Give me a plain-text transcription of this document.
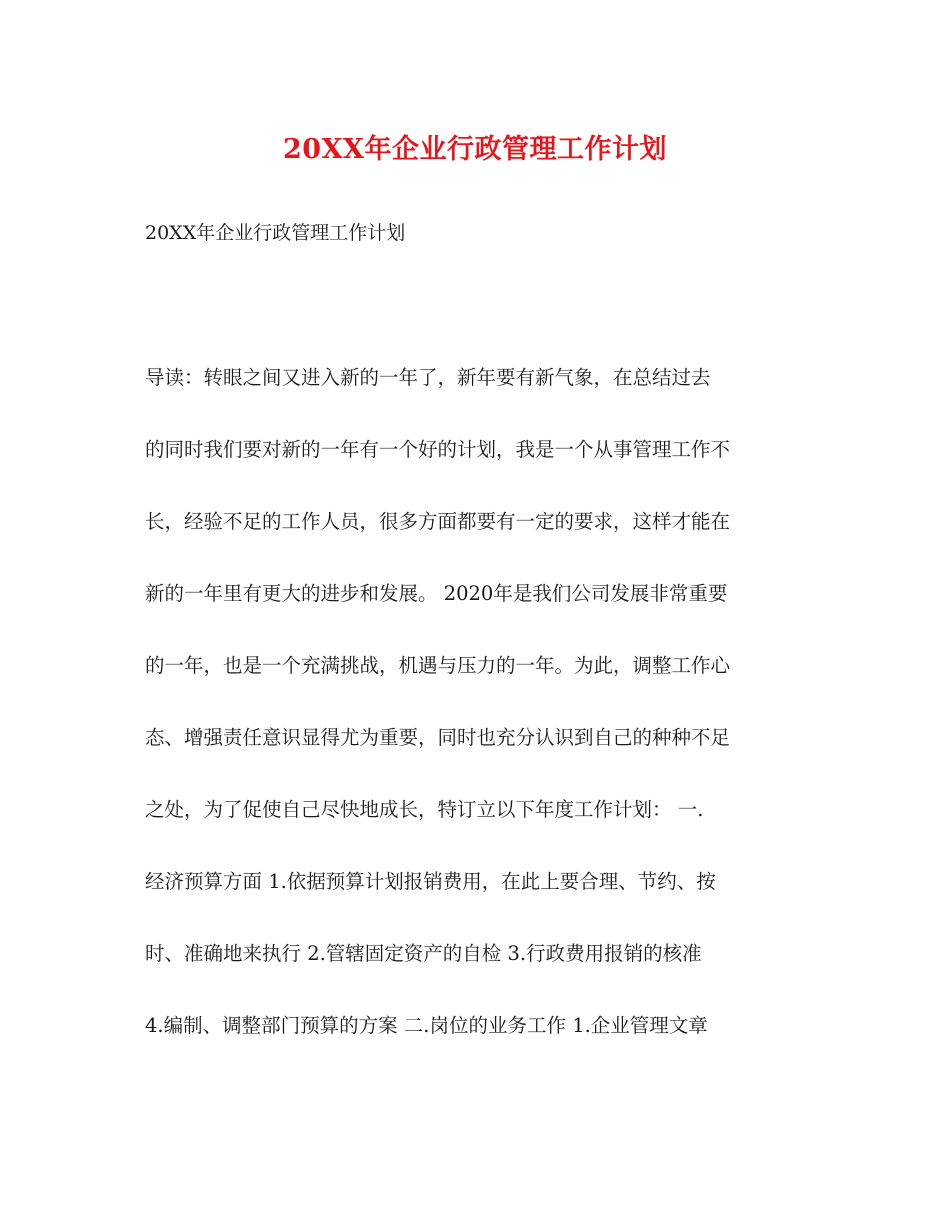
20XX年企业行政管理工作计划
20XX年企业行政管理工作计划
导读：转眼之间又进入新的一年了，新年要有新气象，在总结过去
的同时我们要对新的一年有一个好的计划，我是一个从事管理工作不
长，经验不足的工作人员，很多方面都要有一定的要求，这样才能在
新的一年里有更大的进步和发展。 2020年是我们公司发展非常重要
的一年，也是一个充满挑战，机遇与压力的一年。为此，调整工作心
态、增强责任意识显得尤为重要，同时也充分认识到自己的种种不足
之处，为了促使自己尽快地成长，特订立以下年度工作计划： 一.
经济预算方面 1.依据预算计划报销费用，在此上要合理、节约、按
时、准确地来执行 2.管辖固定资产的自检 3.行政费用报销的核准
4.编制、调整部门预算的方案 二.岗位的业务工作 1.企业管理文章
